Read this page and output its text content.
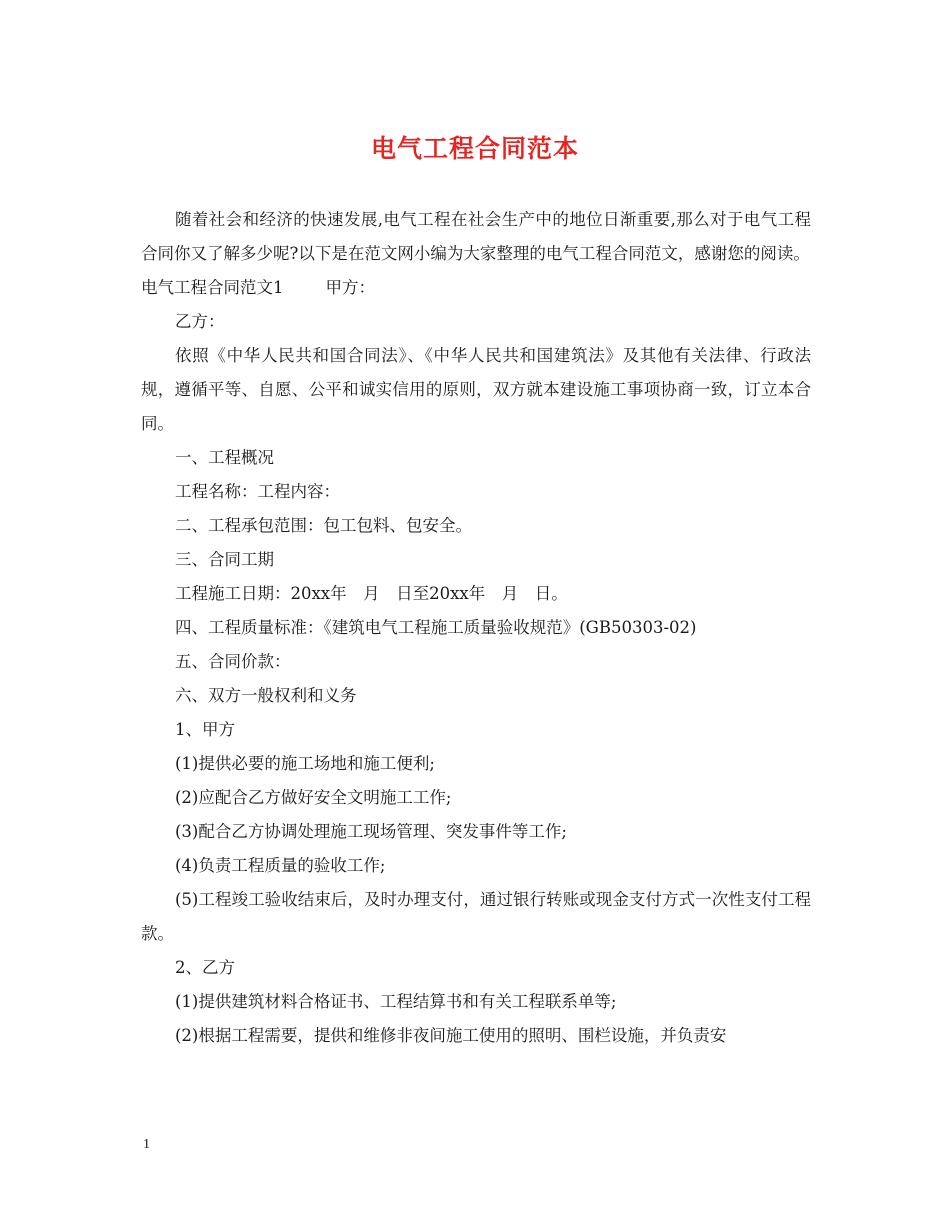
电气工程合同范本

随着社会和经济的快速发展,电气工程在社会生产中的地位日渐重要,那么对于电气工程合同你又了解多少呢?以下是在范文网小编为大家整理的电气工程合同范文，感谢您的阅读。

电气工程合同范文1	甲方：

乙方：

依照《中华人民共和国合同法》、《中华人民共和国建筑法》及其他有关法律、行政法规，遵循平等、自愿、公平和诚实信用的原则，双方就本建设施工事项协商一致，订立本合同。

一、工程概况

工程名称：工程内容：

二、工程承包范围：包工包料、包安全。

三、合同工期

工程施工日期：20xx年　月　日至20xx年　月　日。

四、工程质量标准：《建筑电气工程施工质量验收规范》(GB50303-02)

五、合同价款：

六、双方一般权利和义务

1、甲方

(1)提供必要的施工场地和施工便利;

(2)应配合乙方做好安全文明施工工作;

(3)配合乙方协调处理施工现场管理、突发事件等工作;

(4)负责工程质量的验收工作;

(5)工程竣工验收结束后，及时办理支付，通过银行转账或现金支付方式一次性支付工程款。

2、乙方

(1)提供建筑材料合格证书、工程结算书和有关工程联系单等;

(2)根据工程需要，提供和维修非夜间施工使用的照明、围栏设施，并负责安

1
